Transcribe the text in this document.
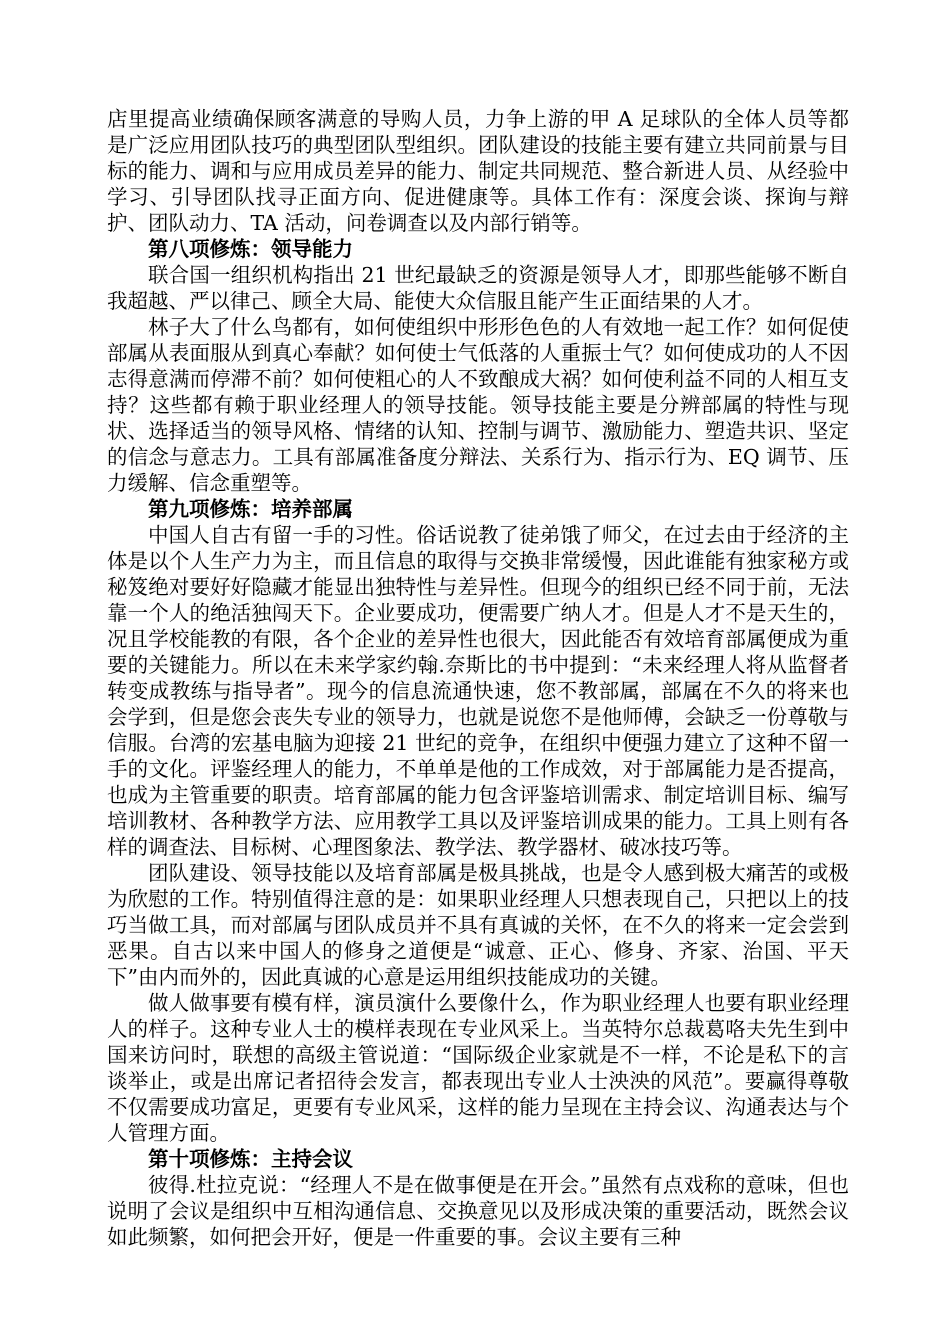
店里提高业绩确保顾客满意的导购人员，力争上游的甲 A 足球队的全体人员等都是广泛应用团队技巧的典型团队型组织。团队建设的技能主要有建立共同前景与目标的能力、调和与应用成员差异的能力、制定共同规范、整合新进人员、从经验中学习、引导团队找寻正面方向、促进健康等。具体工作有：深度会谈、探询与辩护、团队动力、TA 活动，问卷调查以及内部行销等。

第八项修炼：领导能力

联合国一组织机构指出 21 世纪最缺乏的资源是领导人才，即那些能够不断自我超越、严以律己、顾全大局、能使大众信服且能产生正面结果的人才。

林子大了什么鸟都有，如何使组织中形形色色的人有效地一起工作？如何促使部属从表面服从到真心奉献？如何使士气低落的人重振士气？如何使成功的人不因志得意满而停滞不前？如何使粗心的人不致酿成大祸？如何使利益不同的人相互支持？这些都有赖于职业经理人的领导技能。领导技能主要是分辨部属的特性与现状、选择适当的领导风格、情绪的认知、控制与调节、激励能力、塑造共识、坚定的信念与意志力。工具有部属准备度分辩法、关系行为、指示行为、EQ 调节、压力缓解、信念重塑等。

第九项修炼：培养部属

中国人自古有留一手的习性。俗话说教了徒弟饿了师父，在过去由于经济的主体是以个人生产力为主，而且信息的取得与交换非常缓慢，因此谁能有独家秘方或秘笈绝对要好好隐藏才能显出独特性与差异性。但现今的组织已经不同于前，无法靠一个人的绝活独闯天下。企业要成功，便需要广纳人才。但是人才不是天生的，况且学校能教的有限，各个企业的差异性也很大，因此能否有效培育部属便成为重要的关键能力。所以在未来学家约翰.奈斯比的书中提到：“未来经理人将从监督者转变成教练与指导者”。现今的信息流通快速，您不教部属，部属在不久的将来也会学到，但是您会丧失专业的领导力，也就是说您不是他师傅，会缺乏一份尊敬与信服。台湾的宏基电脑为迎接 21 世纪的竞争，在组织中便强力建立了这种不留一手的文化。评鉴经理人的能力，不单单是他的工作成效，对于部属能力是否提高，也成为主管重要的职责。培育部属的能力包含评鉴培训需求、制定培训目标、编写培训教材、各种教学方法、应用教学工具以及评鉴培训成果的能力。工具上则有各样的调查法、目标树、心理图象法、教学法、教学器材、破冰技巧等。

团队建设、领导技能以及培育部属是极具挑战，也是令人感到极大痛苦的或极为欣慰的工作。特别值得注意的是：如果职业经理人只想表现自己，只把以上的技巧当做工具，而对部属与团队成员并不具有真诚的关怀，在不久的将来一定会尝到恶果。自古以来中国人的修身之道便是“诚意、正心、修身、齐家、治国、平天下”由内而外的，因此真诚的心意是运用组织技能成功的关键。

做人做事要有模有样，演员演什么要像什么，作为职业经理人也要有职业经理人的样子。这种专业人士的模样表现在专业风采上。当英特尔总裁葛咯夫先生到中国来访问时，联想的高级主管说道：“国际级企业家就是不一样，不论是私下的言谈举止，或是出席记者招待会发言，都表现出专业人士泱泱的风范”。要赢得尊敬不仅需要成功富足，更要有专业风采，这样的能力呈现在主持会议、沟通表达与个人管理方面。

第十项修炼：主持会议

彼得.杜拉克说：“经理人不是在做事便是在开会。”虽然有点戏称的意味，但也说明了会议是组织中互相沟通信息、交换意见以及形成决策的重要活动，既然会议如此频繁，如何把会开好，便是一件重要的事。会议主要有三种
